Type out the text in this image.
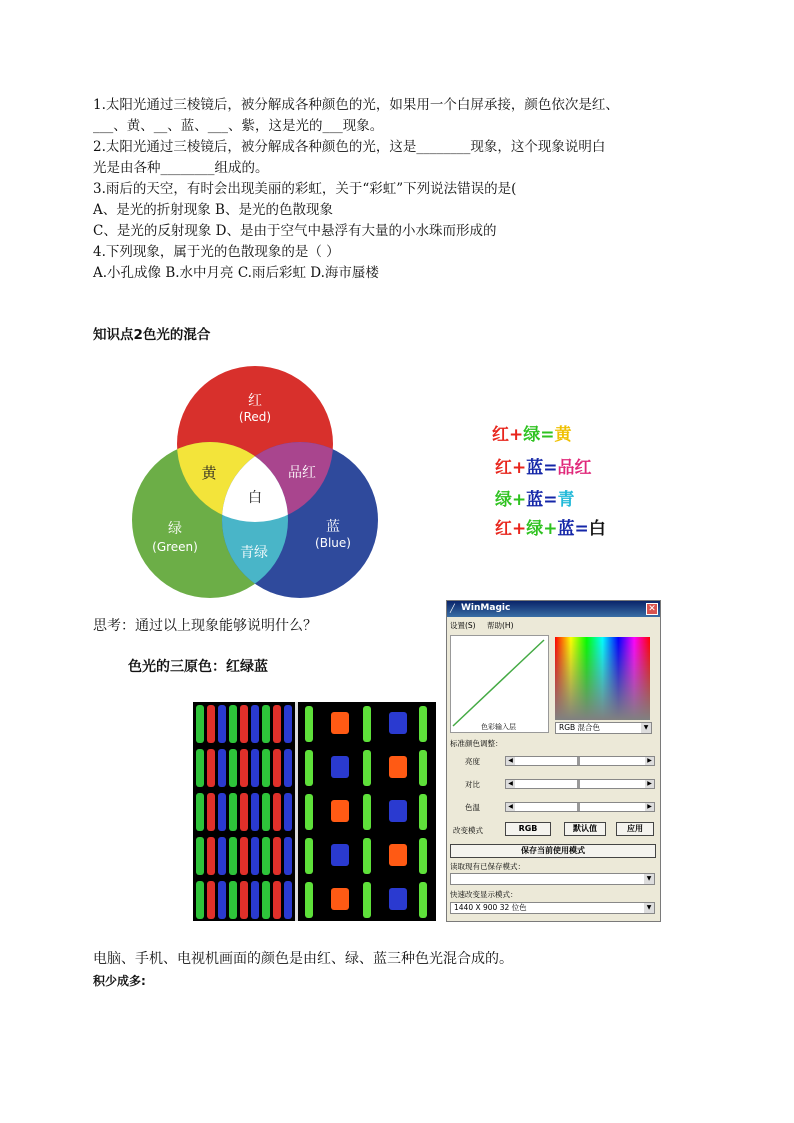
1.太阳光通过三棱镜后，被分解成各种颜色的光，如果用一个白屏承接，颜色依次是红、
___、黄、__、蓝、___、紫，这是光的___现象。
2.太阳光通过三棱镜后，被分解成各种颜色的光，这是________现象，这个现象说明白
光是由各种________组成的。
3.雨后的天空，有时会出现美丽的彩虹，关于“彩虹”下列说法错误的是(
A、是光的折射现象 B、是光的色散现象
C、是光的反射现象 D、是由于空气中悬浮有大量的小水珠而形成的
4.下列现象，属于光的色散现象的是（ ）
A.小孔成像 B.水中月亮 C.雨后彩虹 D.海市蜃楼
知识点2色光的混合
红
(Red)
绿
(Green)
蓝
(Blue)
黄	品红
白
青绿
红+绿=黄
红+蓝=品红
绿+蓝=青
红+绿+蓝=白
思考：通过以上现象能够说明什么？
色光的三原色：红绿蓝
╱ WinMagic	✕
设置(S) 帮助(H)
色彩输入层	RGB 混合色	▼
标准颜色调整：
亮度	◀	▶
对比	◀	▶
色温	◀	▶
改变模式	RGB	默认值	应用
保存当前使用模式
读取现有已保存模式：
▼
快速改变显示模式：
1440 X 900 32 位色	▼
电脑、手机、电视机画面的颜色是由红、绿、蓝三种色光混合成的。
积少成多:
